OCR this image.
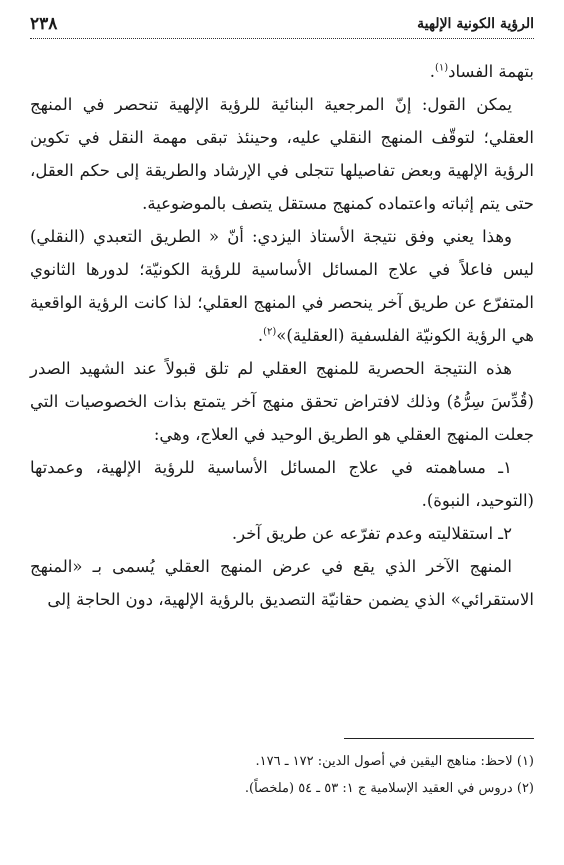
الرؤية الكونية الإلهية
٢٣٨

بتهمة الفساد$^{(١)}$.

يمكن القول: إنّ المرجعية البنائية للرؤية الإلهية تنحصر في المنهج العقلي؛ لتوقّف المنهج النقلي عليه، وحينئذ تبقى مهمة النقل في تكوين الرؤية الإلهية وبعض تفاصيلها تتجلى في الإرشاد والطريقة إلى حكم العقل، حتى يتم إثباته واعتماده كمنهج مستقل يتصف بالموضوعية.

وهذا يعني وفق نتيجة الأستاذ اليزدي: أنّ « الطريق التعبدي (النقلي) ليس فاعلاً في علاج المسائل الأساسية للرؤية الكونيّة؛ لدورها الثانوي المتفرّع عن طريق آخر ينحصر في المنهج العقلي؛ لذا كانت الرؤية الواقعية هي الرؤية الكونيّة الفلسفية (العقلية)»$^{(٢)}$.

هذه النتيجة الحصرية للمنهج العقلي لم تلق قبولاً عند الشهيد الصدر (قُدِّسَ سِرُّهُ) وذلك لافتراض تحقق منهج آخر يتمتع بذات الخصوصيات التي جعلت المنهج العقلي هو الطريق الوحيد في العلاج، وهي:

١ـ مساهمته في علاج المسائل الأساسية للرؤية الإلهية، وعمدتها (التوحيد، النبوة).

٢ـ استقلاليته وعدم تفرّعه عن طريق آخر.

المنهج الآخر الذي يقع في عرض المنهج العقلي يُسمى بـ «المنهج الاستقرائي» الذي يضمن حقانيّة التصديق بالرؤية الإلهية، دون الحاجة إلى

(١) لاحظ: مناهج اليقين في أصول الدين: ١٧٢ ـ ١٧٦.

(٢) دروس في العقيد الإسلامية ج ١: ٥٣ ـ ٥٤ (ملخصاً).
